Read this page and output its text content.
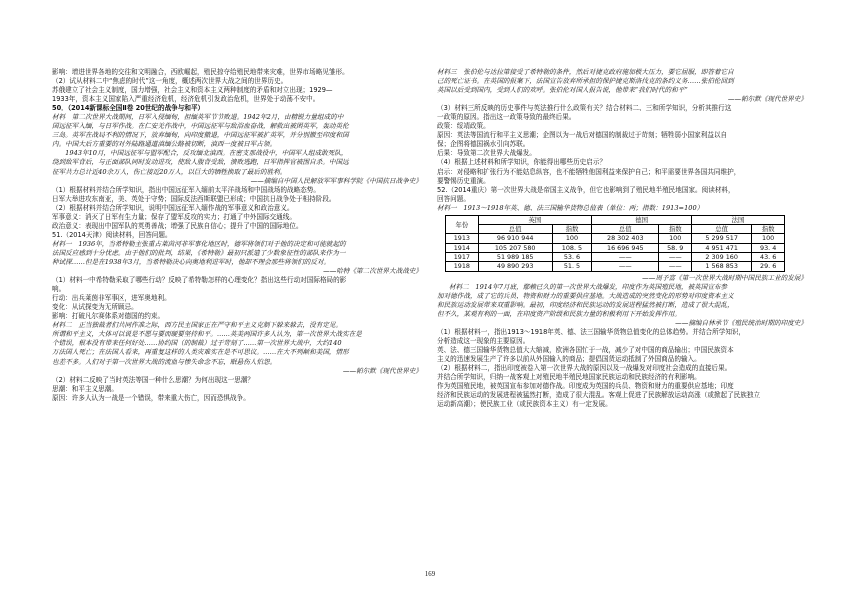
影响：增进世界各地的交往和文明融合，西欧崛起，殖民掠夺给殖民地带来灾难，世界市场略见雏形。
（2）试从材料二中“焦虑的时代”这一角度，概述两次世界大战之间的世界历史。
苏俄建立了社会主义制度，国力增强，社会主义和资本主义两种制度的矛盾和对立出现；1929—
1933年，资本主义国家陷入严重经济危机，经济危机引发政治危机，世界处于动荡不安中。
50．（2014新课标全国Ⅱ卷 20世纪的战争与和平）
材料　第二次世界大战期间，日军入侵缅甸，担缅英军节节败退。1942年2月，由精锐力量组成的中
国远征军入缅，与日军作战。在仁安羌作战中，中国远征军与敌浴血奋战，解救出被困英军，轰动英伦
三岛。英军在战局不利的情况下，放弃缅甸，向印度撤退，中国远征军被扩英军，并分别撤至印度和国
内。中国大后方重要的对外陆路通道滇缅公路被切断，滇西一度被日军占领。
　　1943年10月，中国远征军与盟军配合，反攻缅北滇西。在密支那战役中，中国军人组成敢死队，
绕到敌军背后，与正面部队同时发动进攻，使敌人腹背受敌，溃败逃跑，日军指挥官被围自杀。中国远
征军共力总计近40余万人，伤亡接近20万人，以巨大的牺牲换取了最后的胜利。
——摘编自中国人民解放军军事科学院《中国抗日战争史》
（1）根据材料并结合所学知识，指出中国远征军入缅前太平洋战场和中国战场的战略态势。
日军大举进攻东南亚，美、英处于守势；国际反法西斯联盟已形成；中国抗日战争处于相持阶段。
（2）根据材料并结合所学知识，说明中国远征军入缅作战的军事意义和政治意义。
军事意义：消灭了日军有生力量；保存了盟军反攻的实力；打通了中外国际交通线。
政治意义：表现出中国军队的英勇善战；增强了民族自信心；提升了中国的国际地位。
51.（2014天津）阅读材料，回答问题。
材料一　1936年，当希特勒主张重占莱茵河非军事化地区时，德军将领们对于他的决定和可能就起的
法国反应感到十分忧虑。由于他们的批判，结果，《希特勒》最初只派遣了少数象征性的部队来作为一
种试探……但是在1938年3月，当希特勒决心向奥地利进军时，他却不理会那些将领们的反对。
——哈特《第二次世界大战战史》
（1）材料一中希特勒采取了哪些行动？反映了希特勒怎样的心理变化？指出这些行动对国际格局的影
响。
行动：出兵莱茵非军事区，进军奥地利。
变化：从试探变为无所顾忌。
影响：打破凡尔赛体系对德国的约束。
材料二　正当独裁者们共同作准之际，西方民主国家正在严守和平主义克制下躲来躲去，没有定见。
所谓和平主义，大体可以说是不愿与要而硬要坚持和平。……英美两国许多人认为，第一次世界大战实在是
个错误，根本没有带来任何好处……协约国（的制裁）过于苛刻了……第一次世界大战中，大约140
万法国人死亡；在法国人看来，再重复这样的人类灾难实在是不可思议。……在大不列颠和美国，情形
也差不多。人们对于第一次世界大战的流血与惨失命念不忘，眠悬伤人怕怨。
——帕尔默《现代世界史》
（2）材料二反映了当时英法等国一种什么思潮？为何出现这一思潮？
思潮：和平主义思潮。
原因：许多人认为一战是一个错误，带来重大伤亡，因而恐惧战争。
材料三　张伯伦与达拉第接受了希特勒的条件，然后对捷克政府施加极大压力，要它屈服，即答着它自
己的死亡证书。在英国的报案下，法国宣告放弃所承担的保护捷克斯洛伐克的条约义务……张伯伦回到
英国以后受到国内，受到人们的欢呼。张伯伦对国人报告说，他带来“我们时代的和平”
——帕尔默《现代世界史》
（3）材料三所反映的历史事件与英法推行什么政策有关？结合材料二、三和所学知识，分析其推行这
一政策的原因。指出这一政策导致的最终后果。
政策：绥靖政策。
原因：英法等国流行和平主义思潮；企图以为一战后对德国的制裁过于苛刻；牺牲弱小国家利益以自
保；企图将德国祸水引向苏联。
后果：导致第二次世界大战爆发。
（4）根据上述材料和所学知识，你能得出哪些历史启示？
启示：对侵略和扩张行为不能姑息纵容，也不能牺牲他国利益来保护自己；和平需要世界各国共同维护，
要警惕历史重演。
52.（2014重庆）第一次世界大战是帝国主义战争，但它也影响到了殖民地半殖民地国家。阅读材料，
回答问题。
材料一　1913～1918年英、德、法三国输华货物总值表（单位：两；指数：1913=100）
年份	英国		德国		法国	
	总值	指数	总值	指数	总值	指数
1913	96 910 944	100	28 302 403	100	5 299 517	100
1914	105 207 580	108. 5	16 696 945	58. 9	4 951 471	93. 4
1917	51 989 185	53. 6	——	——	2 309 160	43. 6
1918	49 890 293	51. 5	——	——	1 568 853	29. 6
——周予富《第一次世界大战时期中国民族工业的发展》
材料二　1914年7月底，鄢赖已久的第一次世界大战爆发，印度作为英国殖民地，被英国宣布参
加对德作战，成了它的兵员、物资和财力的重要供应基地。大战造成的突然变化的形势对印度资本主义
和民族运动发展带来双重影响。最初，印度经济和民族运动的发展进程猛然被打断，造成了很大混乱，
但不久，某观有利的一面，在印度资产阶级和民族力量的积极利用下开始发挥作用。
——摘编自林承节《殖民统治时期的印度史》
（1）根据材料一，指出1913～1918年英、德、法三国输华货物总值变化的总体趋势。并结合所学知识，
分析造成这一现象的主要原因。
英、法、德三国输华货物总值大大缩减，欧洲各国忙于一战，减少了对中国的商品输出；中国民族资本
主义的迅速发展生产了许多以前从外国输入的商品；提倡国货运动抵制了外国商品的输入。
（2）根据材料二，指出印度被卷入第一次世界大战的原因以及一战爆发对印度社会造成的直接后果。
并结合所学知识，归纳一战客观上对殖民地半殖民地国家民族运动和民族经济的有利影响。
作为英国殖民地，被英国宣布参加对德作战。印度成为英国的兵员、物资和财力的重要供应基地；印度
经济和民族运动的发展进程被猛然打断，造成了很大混乱。客观上促进了民族解放运动高涨（或掀起了民族独立
运动新高潮）；使民族工业（或民族资本主义）有一定发展。
169
